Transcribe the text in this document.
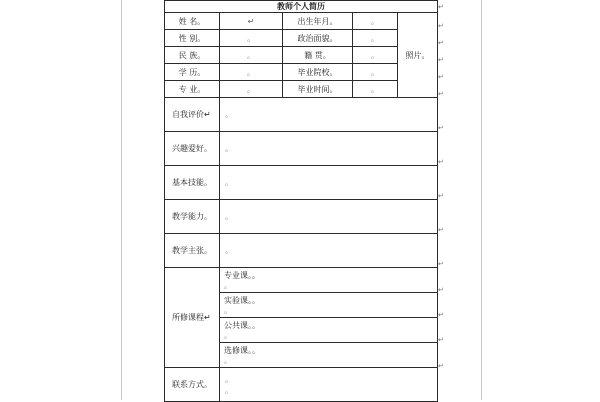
教师个人简历				
姓 名。	↵	出生年月。	。	照片。
性 别。	。	政治面貌。	。	
民 族。	。	籍 贯。	。	
学 历。	。	毕业院校。	。	
专 业。	。	毕业时间。	。	
自我评价↵	。			
兴趣爱好。	。			
基本技能。	。			
教学能力。	。			
教学主张。	。			
所修课程↵	专业课。。
。			

	实验课。。
。			

	公共课。。
。			

	选修课。。
。			

联系方式。	。
。			
↵
↵
↵
↵
↵
↵
↵
↵
↵
↵
↵
↵
↵
↵
↵
